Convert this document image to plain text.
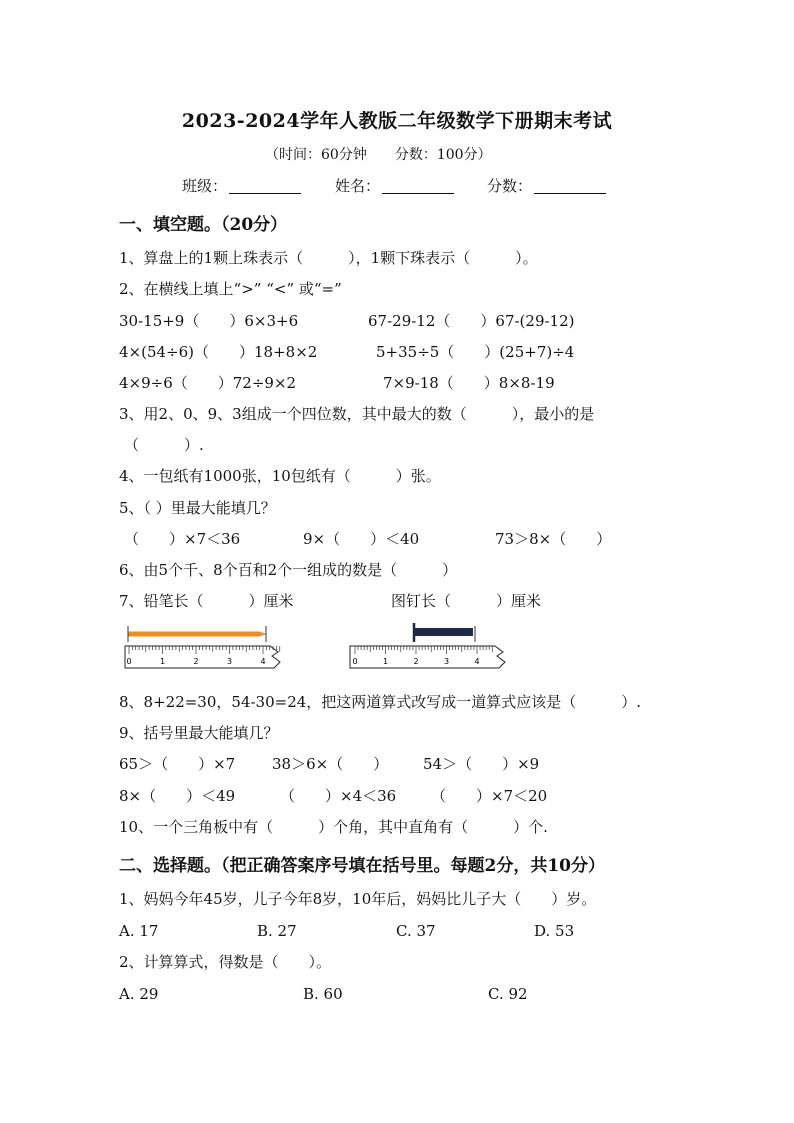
2023-2024学年人教版二年级数学下册期末考试
（时间：60分钟　　分数：100分）
班级：	姓名：	分数：
一、填空题。（20分）
1、算盘上的1颗上珠表示（　　　），1颗下珠表示（　　　）。
2、在横线上填上“>” “<” 或“=”
30-15+9（　　）6×3+6	67-29-12（　　）67-(29-12)
4×(54÷6)（　　）18+8×2	5+35÷5（　　）(25+7)÷4
4×9÷6（　　）72÷9×2	7×9-18（　　）8×8-19
3、用2、0、9、3组成一个四位数，其中最大的数（　　　），最小的是
（　　　）.
4、一包纸有1000张，10包纸有（　　　）张。
5、（ ）里最大能填几？
（　　）×7＜36	9×（　　）＜40	73＞8×（　　）
6、由5个千、8个百和2个一组成的数是（　　　）
7、铅笔长（　　　）厘米	图钉长（　　　）厘米
0	1	2	3	4	0	1	2	3	4
8、8+22=30，54-30=24，把这两道算式改写成一道算式应该是（　　　）.
9、括号里最大能填几？
65＞（　　）×7 38＞6×（　　） 54＞（　　）×9
8×（　　）＜49	（　　）×4＜36 （　　）×7＜20
10、一个三角板中有（　　　）个角，其中直角有（　　　）个.
二、选择题。（把正确答案序号填在括号里。每题2分，共10分）
1、妈妈今年45岁，儿子今年8岁，10年后，妈妈比儿子大（　　）岁。
A. 17	B. 27	C. 37	D. 53
2、计算算式，得数是（　　）。
A. 29	B. 60	C. 92
